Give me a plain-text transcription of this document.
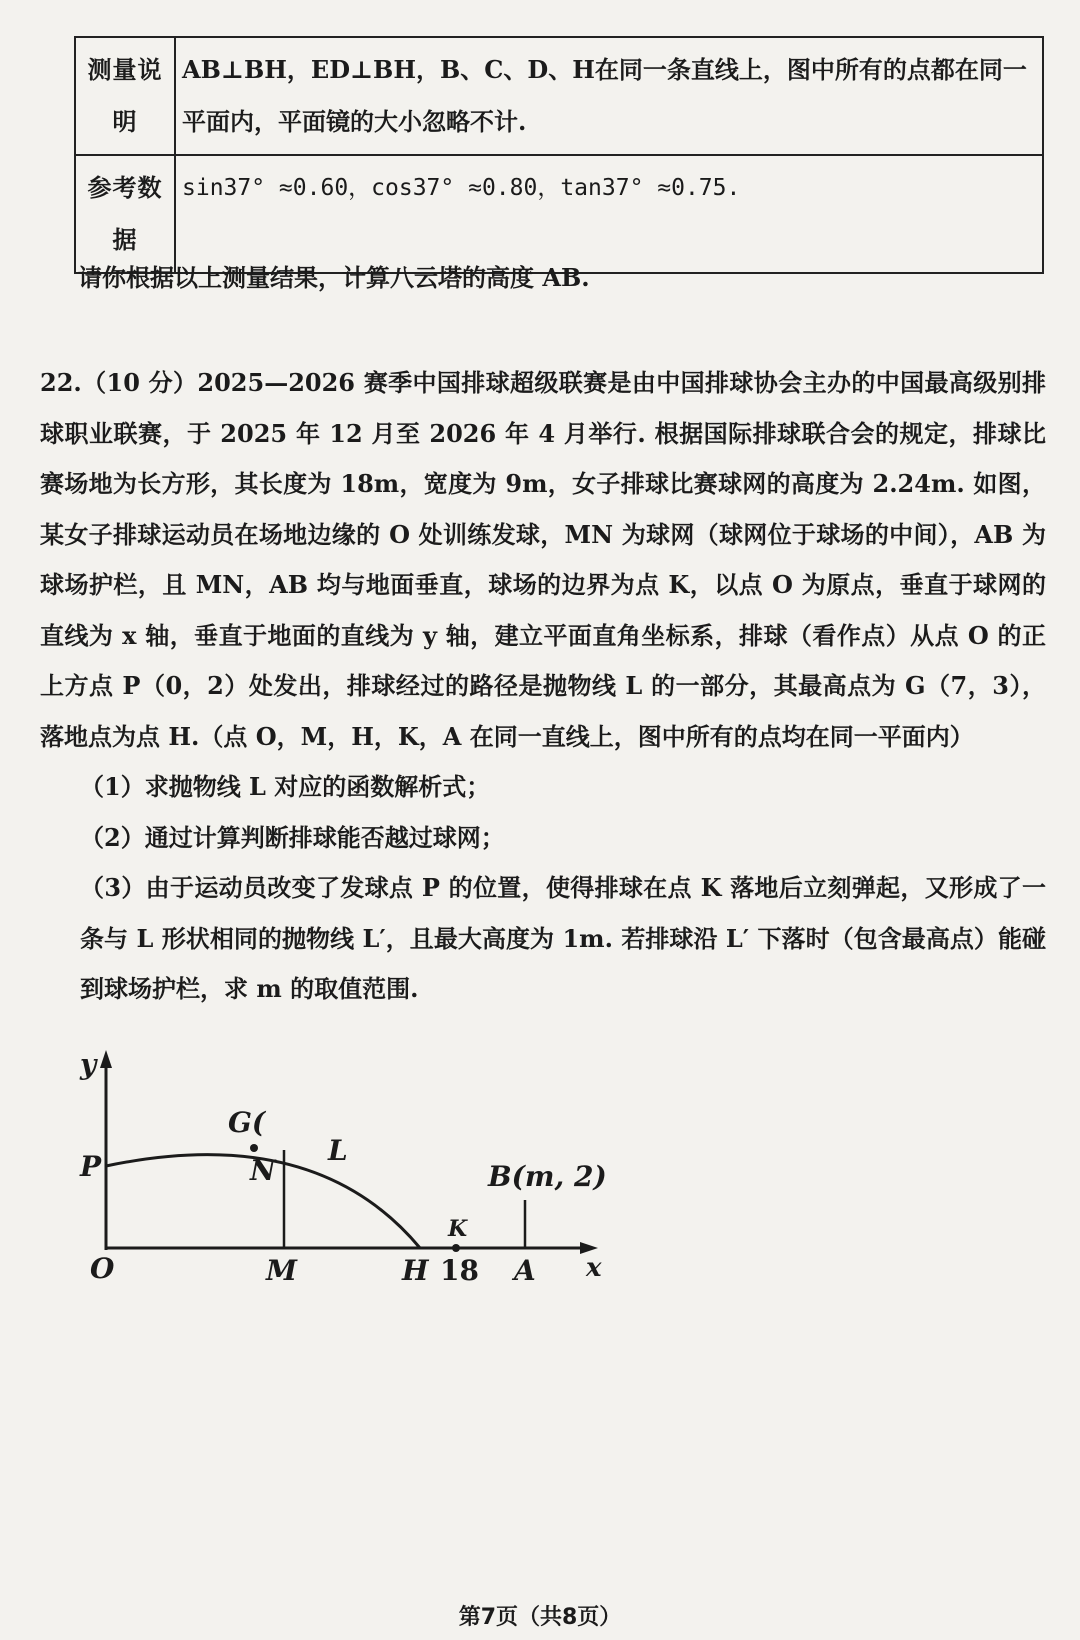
测量说明	AB⊥BH，ED⊥BH，B、C、D、H在同一条直线上，图中所有的点都在同一平面内，平面镜的大小忽略不计.
参考数据	sin37° ≈0.60，cos37° ≈0.80，tan37° ≈0.75.
请你根据以上测量结果，计算八云塔的高度 AB.
22.（10 分）2025—2026 赛季中国排球超级联赛是由中国排球协会主办的中国最高级别排球职业联赛，于 2025 年 12 月至 2026 年 4 月举行. 根据国际排球联合会的规定，排球比赛场地为长方形，其长度为 18m，宽度为 9m，女子排球比赛球网的高度为 2.24m. 如图，某女子排球运动员在场地边缘的 O 处训练发球，MN 为球网（球网位于球场的中间），AB 为球场护栏，且 MN，AB 均与地面垂直，球场的边界为点 K，以点 O 为原点，垂直于球网的直线为 x 轴，垂直于地面的直线为 y 轴，建立平面直角坐标系，排球（看作点）从点 O 的正上方点 P（0，2）处发出，排球经过的路径是抛物线 L 的一部分，其最高点为 G（7，3），落地点为点 H.（点 O，M，H，K，A 在同一直线上，图中所有的点均在同一平面内）
（1）求抛物线 L 对应的函数解析式；
（2）通过计算判断排球能否越过球网；
（3）由于运动员改变了发球点 P 的位置，使得排球在点 K 落地后立刻弹起，又形成了一条与 L 形状相同的抛物线 L′，且最大高度为 1m. 若排球沿 L′ 下落时（包含最高点）能碰到球场护栏，求 m 的取值范围.
y
x
O
P
G(
N
L
M	H
K
18 A
B(m, 2)
第7页（共8页）
